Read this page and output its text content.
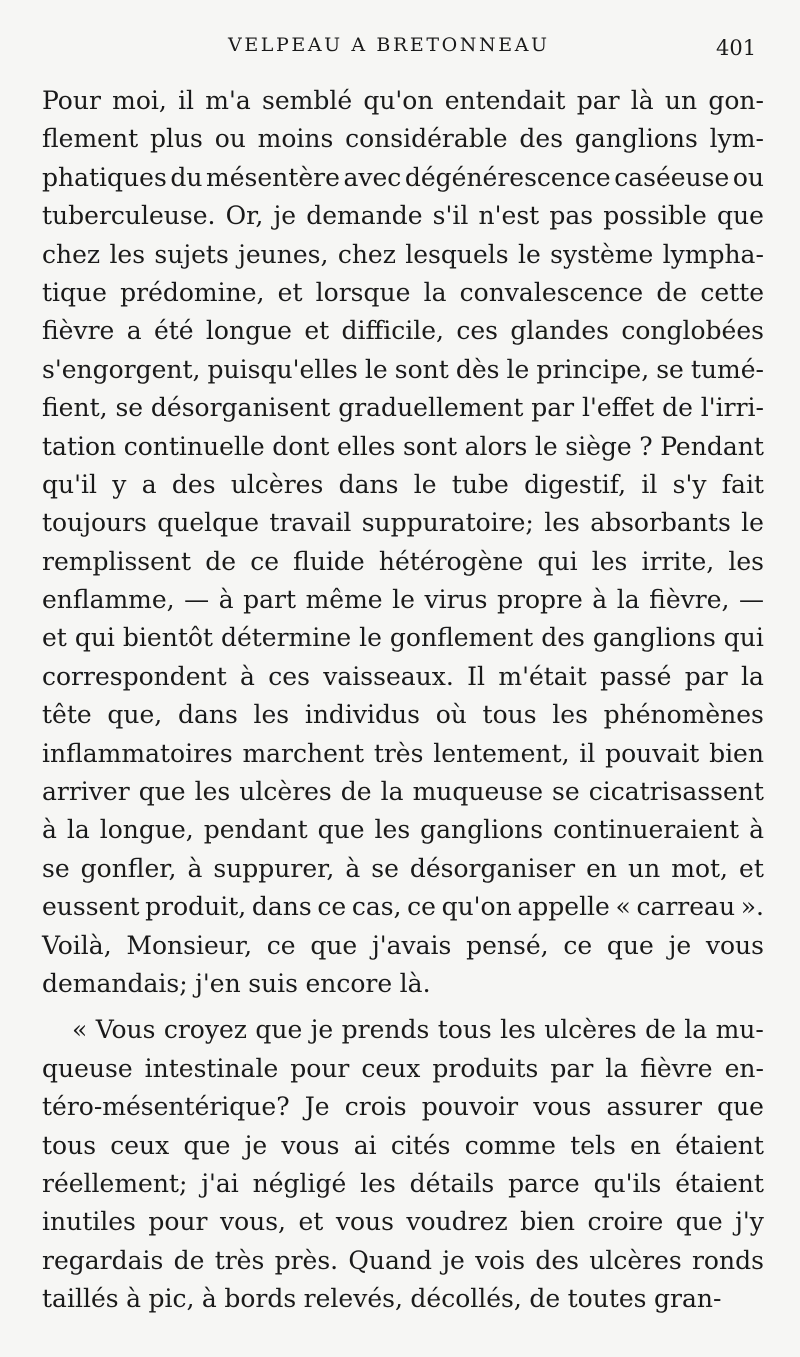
VELPEAU A BRETONNEAU	401
Pour moi, il m'a semblé qu'on entendait par là un gon-
flement plus ou moins considérable des ganglions lym-
phatiques du mésentère avec dégénérescence caséeuse ou
tuberculeuse. Or, je demande s'il n'est pas possible que
chez les sujets jeunes, chez lesquels le système lympha-
tique prédomine, et lorsque la convalescence de cette
fièvre a été longue et difficile, ces glandes conglobées
s'engorgent, puisqu'elles le sont dès le principe, se tumé-
fient, se désorganisent graduellement par l'effet de l'irri-
tation continuelle dont elles sont alors le siège ? Pendant
qu'il y a des ulcères dans le tube digestif, il s'y fait
toujours quelque travail suppuratoire; les absorbants le
remplissent de ce fluide hétérogène qui les irrite, les
enflamme, — à part même le virus propre à la fièvre, —
et qui bientôt détermine le gonflement des ganglions qui
correspondent à ces vaisseaux. Il m'était passé par la
tête que, dans les individus où tous les phénomènes
inflammatoires marchent très lentement, il pouvait bien
arriver que les ulcères de la muqueuse se cicatrisassent
à la longue, pendant que les ganglions continueraient à
se gonfler, à suppurer, à se désorganiser en un mot, et
eussent produit, dans ce cas, ce qu'on appelle « carreau ».
Voilà, Monsieur, ce que j'avais pensé, ce que je vous
demandais; j'en suis encore là.
« Vous croyez que je prends tous les ulcères de la mu-
queuse intestinale pour ceux produits par la fièvre en-
téro-mésentérique? Je crois pouvoir vous assurer que
tous ceux que je vous ai cités comme tels en étaient
réellement; j'ai négligé les détails parce qu'ils étaient
inutiles pour vous, et vous voudrez bien croire que j'y
regardais de très près. Quand je vois des ulcères ronds
taillés à pic, à bords relevés, décollés, de toutes gran-
